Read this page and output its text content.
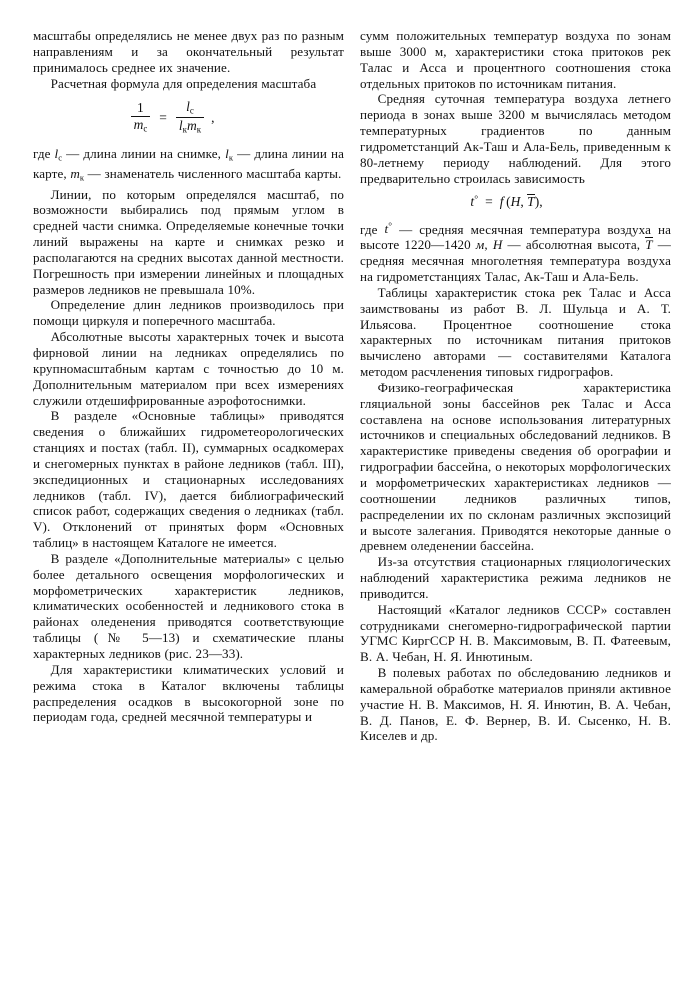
масштабы определялись не менее двух раз по разным направлениям и за окончательный результат принималось среднее их значение.

Расчетная формула для определения масштаба

$\frac{1}{m_c} = \frac{l_c}{l_кm_к}$ ,

где $l_c$ — длина линии на снимке, $l_к$ — длина линии на карте, $m_к$ — знаменатель численного масштаба карты.

Линии, по которым определялся масштаб, по возможности выбирались под прямым углом в средней части снимка. Определяемые конечные точки линий выражены на карте и снимках резко и располагаются на средних высотах данной местности. Погрешность при измерении линейных и площадных размеров ледников не превышала 10%.

Определение длин ледников производилось при помощи циркуля и поперечного масштаба.

Абсолютные высоты характерных точек и высота фирновой линии на ледниках определялись по крупномасштабным картам с точностью до 10 м. Дополнительным материалом при всех измерениях служили отдешифрированные аэрофотоснимки.

В разделе «Основные таблицы» приводятся сведения о ближайших гидрометеорологических станциях и постах (табл. II), суммарных осадкомерах и снегомерных пунктах в районе ледников (табл. III), экспедиционных и стационарных исследованиях ледников (табл. IV), дается библиографический список работ, содержащих сведения о ледниках (табл. V). Отклонений от принятых форм «Основных таблиц» в настоящем Каталоге не имеется.

В разделе «Дополнительные материалы» с целью более детального освещения морфологических и морфометрических характеристик ледников, климатических особенностей и ледникового стока в районах оледенения приводятся соответствующие таблицы (№ 5—13) и схематические планы характерных ледников (рис. 23—33).

Для характеристики климатических условий и режима стока в Каталог включены таблицы распределения осадков в высокогорной зоне по периодам года, средней месячной температуры и

сумм положительных температур воздуха по зонам выше 3000 м, характеристики стока притоков рек Талас и Асса и процентного соотношения стока отдельных притоков по источникам питания.

Средняя суточная температура воздуха летнего периода в зонах выше 3200 м вычислялась методом температурных градиентов по данным гидрометстанций Ак-Таш и Ала-Бель, приведенным к 80-летнему периоду наблюдений. Для этого предварительно строилась зависимость

t° = f  (H, T) ,

где t° — средняя месячная температура воздуха на высоте 1220—1420 м, H — абсолютная высота, T — средняя месячная многолетняя температура воздуха на гидрометстанциях Талас, Ак-Таш и Ала-Бель.

Таблицы характеристик стока рек Талас и Асса заимствованы из работ В. Л. Шульца и А. Т. Ильясова. Процентное соотношение стока характерных по источникам питания притоков вычислено авторами — составителями Каталога методом расчленения типовых гидрографов.

Физико-географическая характеристика гляциальной зоны бассейнов рек Талас и Асса составлена на основе использования литературных источников и специальных обследований ледников. В характеристике приведены сведения об орографии и гидрографии бассейна, о некоторых морфологических и морфометрических характеристиках ледников — соотношении ледников различных типов, распределении их по склонам различных экспозиций и высоте залегания. Приводятся некоторые данные о древнем оледенении бассейна.

Из-за отсутствия стационарных гляциологических наблюдений характеристика режима ледников не приводится.

Настоящий «Каталог ледников СССР» составлен сотрудниками снегомерно-гидрографической партии УГМС КиргССР Н. В. Максимовым, В. П. Фатеевым, В. А. Чебан, Н. Я. Инютиным.

В полевых работах по обследованию ледников и камеральной обработке материалов приняли активное участие Н. В. Максимов, Н. Я. Инютин, В. А. Чебан, В. Д. Панов, Е. Ф. Вернер, В. И. Сысенко, Н. В. Киселев и др.
